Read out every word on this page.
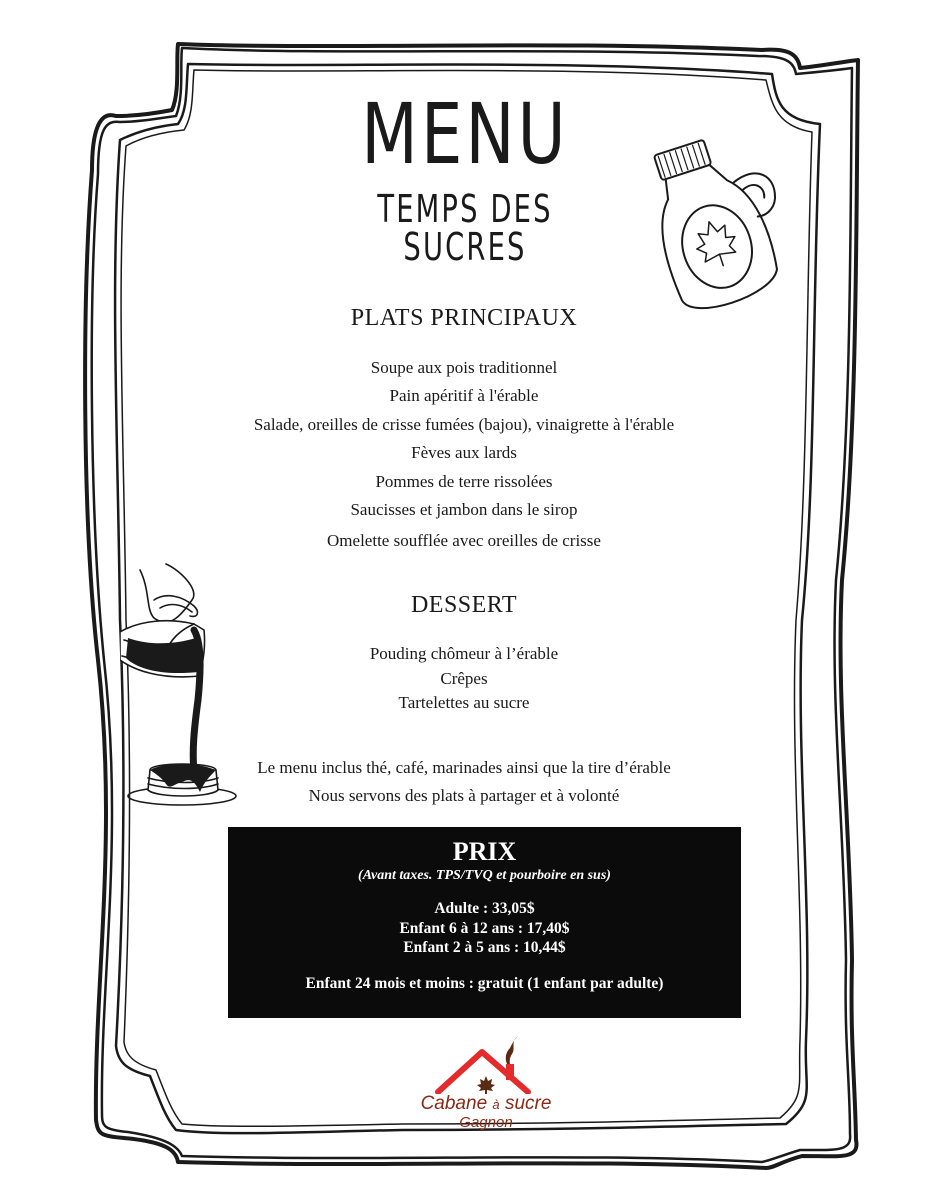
MENU
TEMPS DES SUCRES
PLATS PRINCIPAUX
Soupe aux pois traditionnel
Pain apéritif à l'érable
Salade, oreilles de crisse fumées (bajou), vinaigrette à l'érable
Fèves aux lards
Pommes de terre rissolées
Saucisses et jambon dans le sirop
Omelette soufflée avec oreilles de crisse
DESSERT
Pouding chômeur à l’érable
Crêpes
Tartelettes au sucre
Le menu inclus thé, café, marinades ainsi que la tire d’érable
Nous servons des plats à partager et à volonté
PRIX
(Avant taxes. TPS/TVQ et pourboire en sus)
Adulte : 33,05$
Enfant 6 à 12 ans : 17,40$
Enfant 2 à 5 ans : 10,44$
Enfant 24 mois et moins : gratuit (1 enfant par adulte)
Cabane à sucre
Gagnon
